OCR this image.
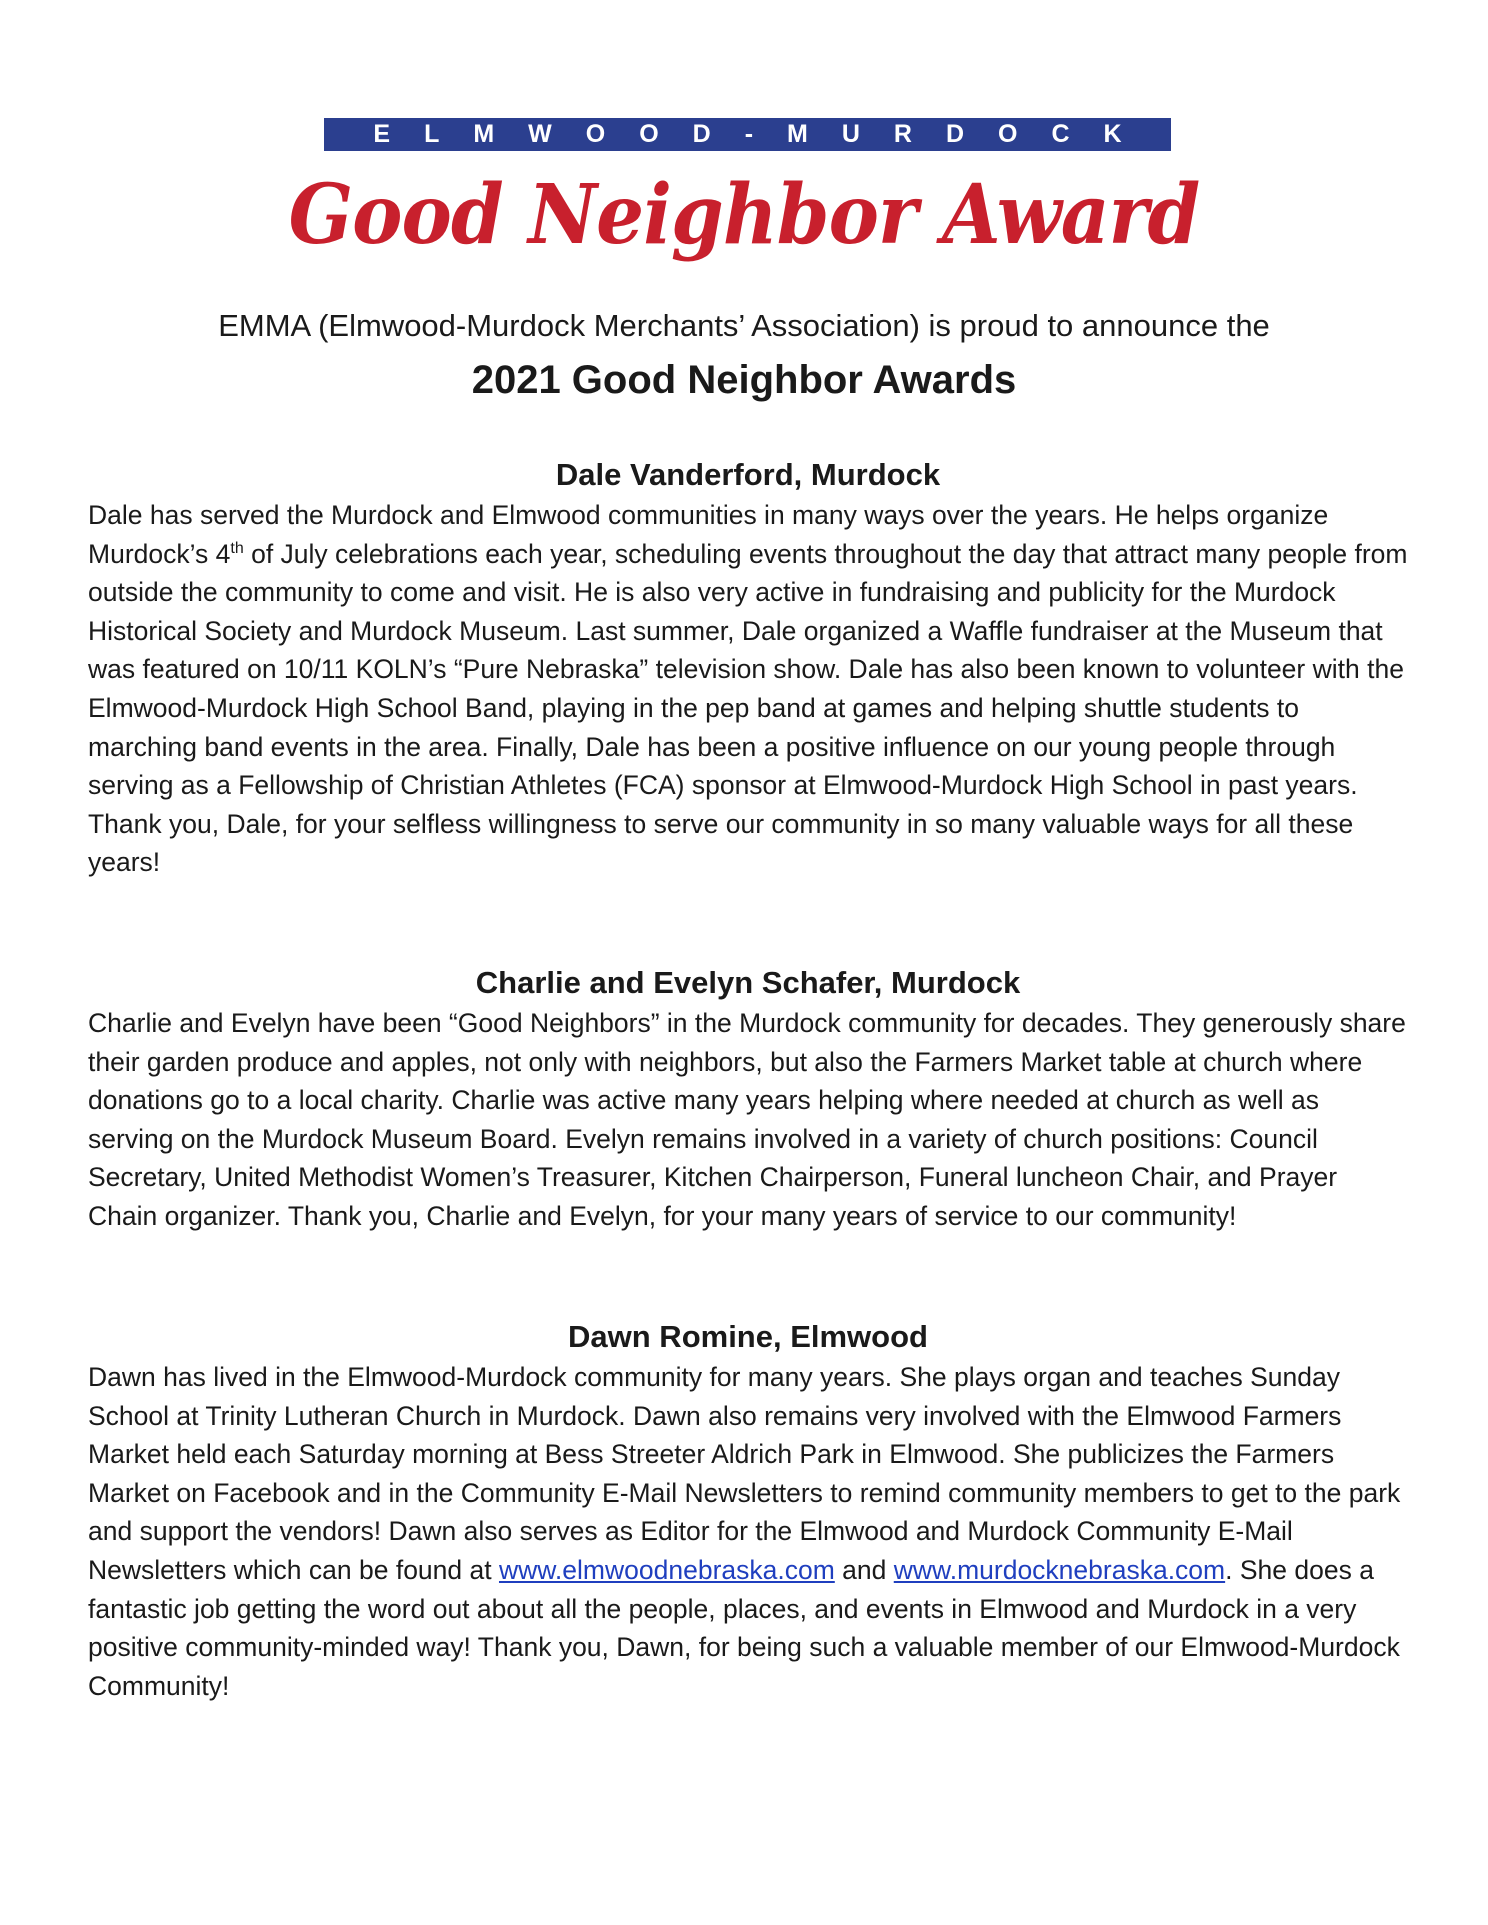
ELMWOOD-MURDOCK
Good Neighbor Award
EMMA (Elmwood-Murdock Merchants’ Association) is proud to announce the
2021 Good Neighbor Awards
Dale Vanderford, Murdock

Dale has served the Murdock and Elmwood communities in many ways over the years. He helps organize Murdock’s 4th of July celebrations each year, scheduling events throughout the day that attract many people from outside the community to come and visit. He is also very active in fundraising and publicity for the Murdock Historical Society and Murdock Museum. Last summer, Dale organized a Waffle fundraiser at the Museum that was featured on 10/11 KOLN’s “Pure Nebraska” television show. Dale has also been known to volunteer with the Elmwood-Murdock High School Band, playing in the pep band at games and helping shuttle students to marching band events in the area. Finally, Dale has been a positive influence on our young people through serving as a Fellowship of Christian Athletes (FCA) sponsor at Elmwood-Murdock High School in past years. Thank you, Dale, for your selfless willingness to serve our community in so many valuable ways for all these years!

Charlie and Evelyn Schafer, Murdock

Charlie and Evelyn have been “Good Neighbors” in the Murdock community for decades. They generously share their garden produce and apples, not only with neighbors, but also the Farmers Market table at church where donations go to a local charity. Charlie was active many years helping where needed at church as well as serving on the Murdock Museum Board. Evelyn remains involved in a variety of church positions: Council Secretary, United Methodist Women’s Treasurer, Kitchen Chairperson, Funeral luncheon Chair, and Prayer Chain organizer. Thank you, Charlie and Evelyn, for your many years of service to our community!

Dawn Romine, Elmwood

Dawn has lived in the Elmwood-Murdock community for many years. She plays organ and teaches Sunday School at Trinity Lutheran Church in Murdock. Dawn also remains very involved with the Elmwood Farmers Market held each Saturday morning at Bess Streeter Aldrich Park in Elmwood. She publicizes the Farmers Market on Facebook and in the Community E-Mail Newsletters to remind community members to get to the park and support the vendors! Dawn also serves as Editor for the Elmwood and Murdock Community E-Mail Newsletters which can be found at www.elmwoodnebraska.com and www.murdocknebraska.com. She does a fantastic job getting the word out about all the people, places, and events in Elmwood and Murdock in a very positive community-minded way! Thank you, Dawn, for being such a valuable member of our Elmwood-Murdock Community!
